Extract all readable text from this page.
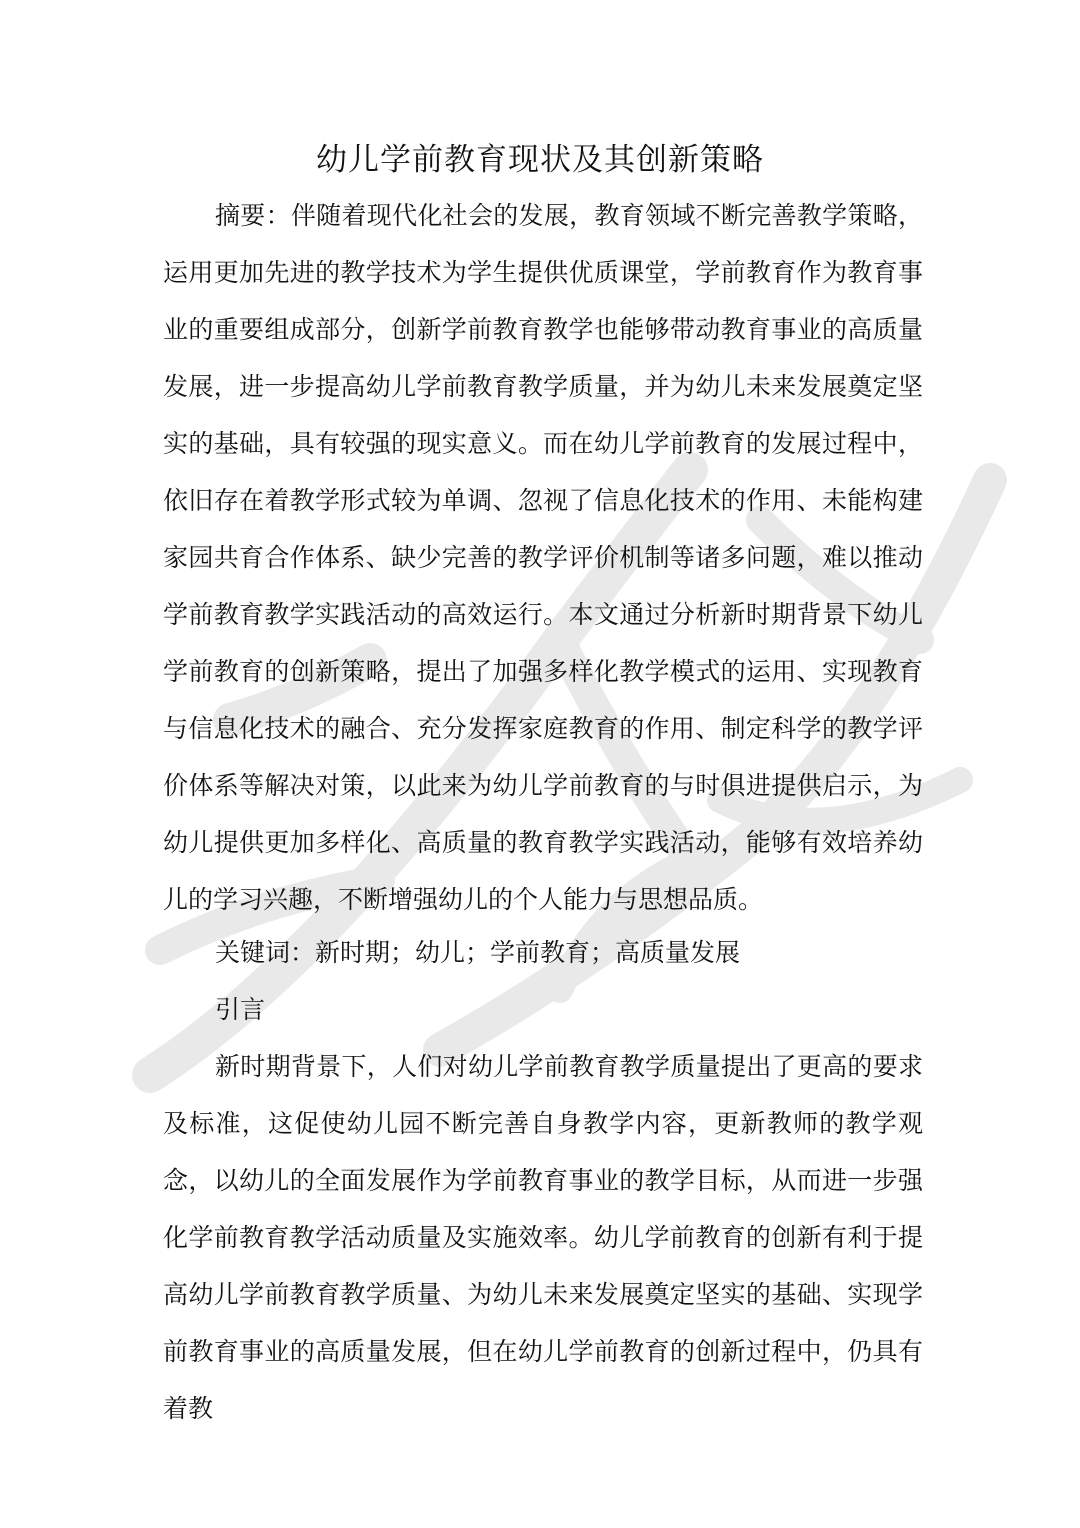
幼儿学前教育现状及其创新策略

摘要：伴随着现代化社会的发展，教育领域不断完善教学策略，运用更加先进的教学技术为学生提供优质课堂，学前教育作为教育事业的重要组成部分，创新学前教育教学也能够带动教育事业的高质量发展，进一步提高幼儿学前教育教学质量，并为幼儿未来发展奠定坚实的基础，具有较强的现实意义。而在幼儿学前教育的发展过程中，依旧存在着教学形式较为单调、忽视了信息化技术的作用、未能构建家园共育合作体系、缺少完善的教学评价机制等诸多问题，难以推动学前教育教学实践活动的高效运行。本文通过分析新时期背景下幼儿学前教育的创新策略，提出了加强多样化教学模式的运用、实现教育与信息化技术的融合、充分发挥家庭教育的作用、制定科学的教学评价体系等解决对策，以此来为幼儿学前教育的与时俱进提供启示，为幼儿提供更加多样化、高质量的教育教学实践活动，能够有效培养幼儿的学习兴趣，不断增强幼儿的个人能力与思想品质。

关键词：新时期；幼儿；学前教育；高质量发展

引言

新时期背景下，人们对幼儿学前教育教学质量提出了更高的要求及标准，这促使幼儿园不断完善自身教学内容，更新教师的教学观念，以幼儿的全面发展作为学前教育事业的教学目标，从而进一步强化学前教育教学活动质量及实施效率。幼儿学前教育的创新有利于提高幼儿学前教育教学质量、为幼儿未来发展奠定坚实的基础、实现学前教育事业的高质量发展，但在幼儿学前教育的创新过程中，仍具有着教
